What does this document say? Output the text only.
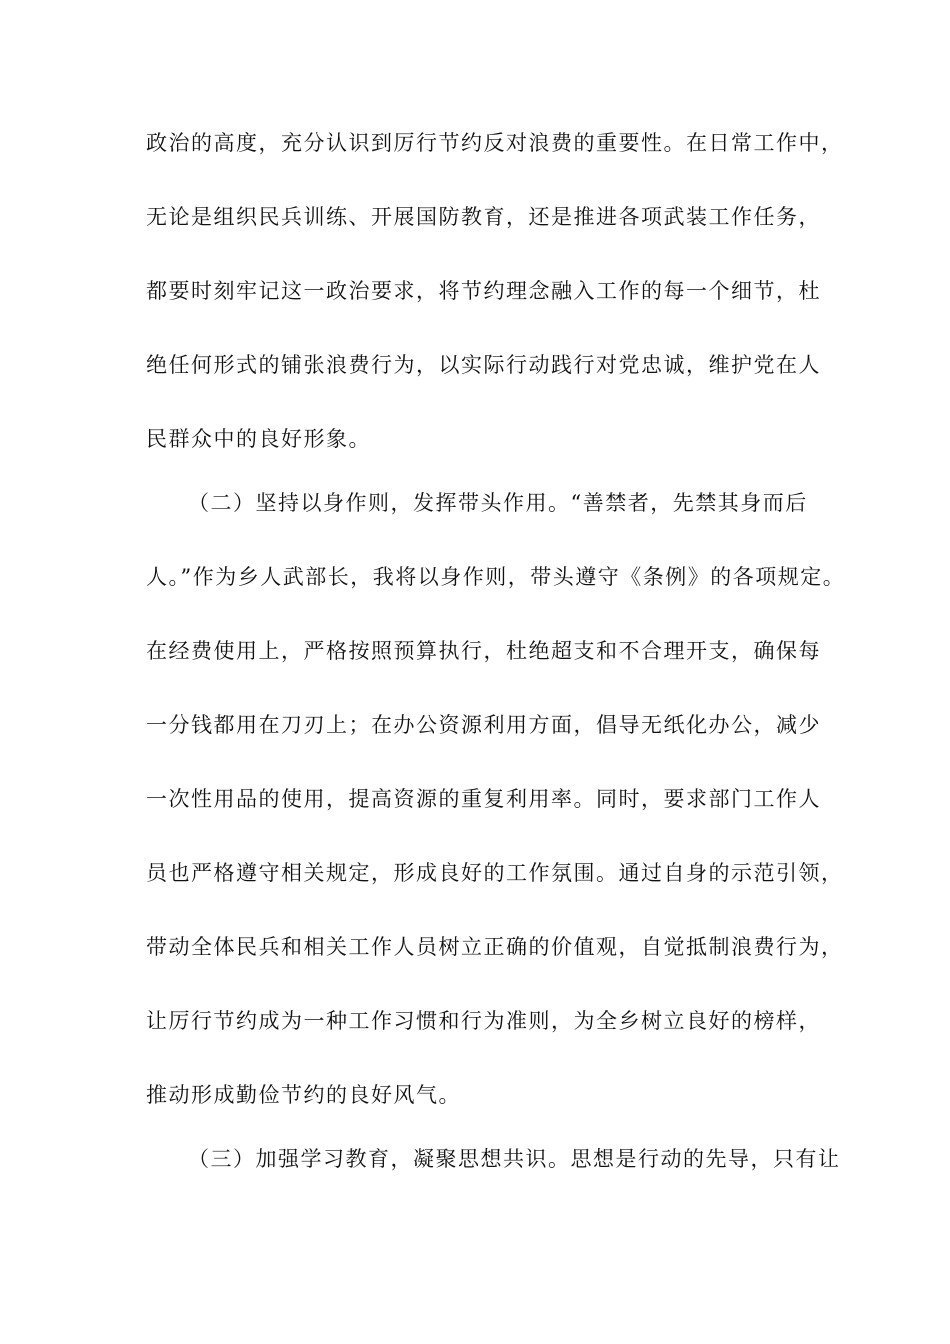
政治的高度，充分认识到厉行节约反对浪费的重要性。在日常工作中，
无论是组织民兵训练、开展国防教育，还是推进各项武装工作任务，
都要时刻牢记这一政治要求，将节约理念融入工作的每一个细节，杜
绝任何形式的铺张浪费行为，以实际行动践行对党忠诚，维护党在人
民群众中的良好形象。
（二）坚持以身作则，发挥带头作用。“善禁者，先禁其身而后
人。”作为乡人武部长，我将以身作则，带头遵守《条例》的各项规定。
在经费使用上，严格按照预算执行，杜绝超支和不合理开支，确保每
一分钱都用在刀刃上；在办公资源利用方面，倡导无纸化办公，减少
一次性用品的使用，提高资源的重复利用率。同时，要求部门工作人
员也严格遵守相关规定，形成良好的工作氛围。通过自身的示范引领，
带动全体民兵和相关工作人员树立正确的价值观，自觉抵制浪费行为，
让厉行节约成为一种工作习惯和行为准则，为全乡树立良好的榜样，
推动形成勤俭节约的良好风气。
（三）加强学习教育，凝聚思想共识。思想是行动的先导，只有让
